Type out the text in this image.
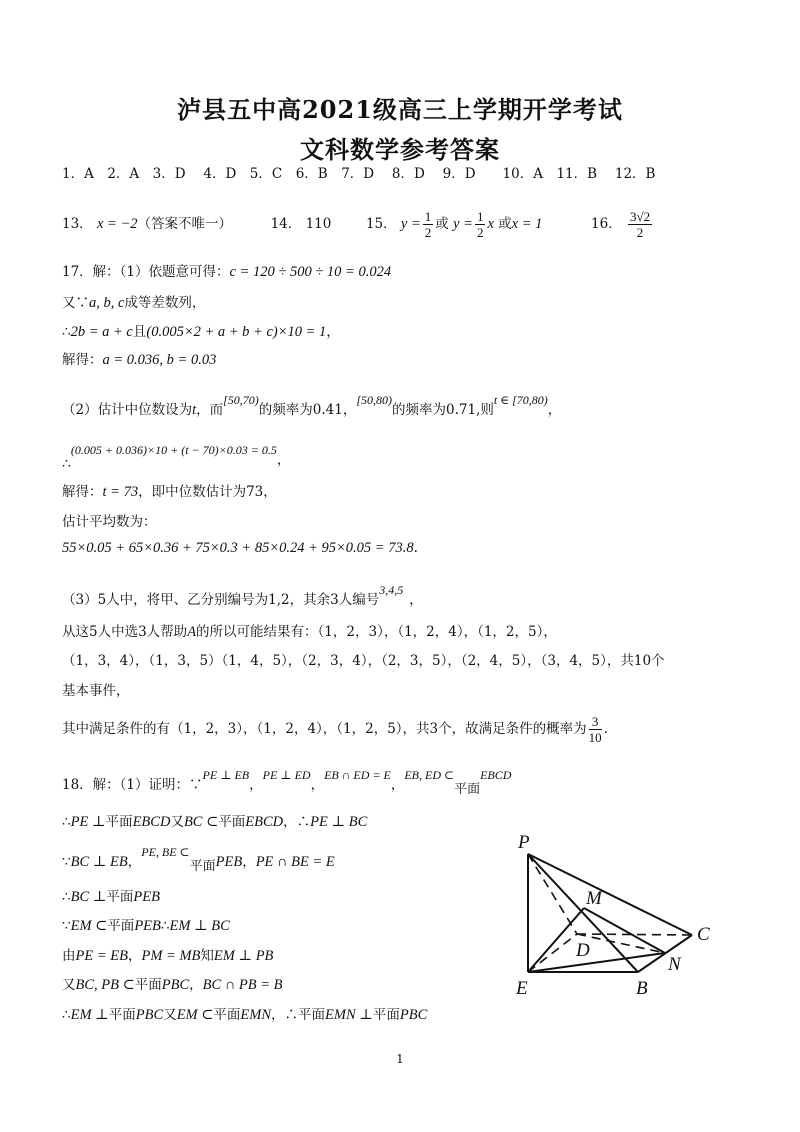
泸县五中高2021级高三上学期开学考试
文科数学参考答案
1．A　2．A　3．D　 4．D　5．C　6．B　7．D　 8．D　 9．D　　10．A　11．B　 12．B
13． x = −2（答案不唯一）	14． 110	15． $y = \frac{1}{2}$ 或 $y = \frac{1}{2}$ x 或x = 1	16． $\frac{3√2}{2}$
17．解：（1）依题意可得：c = 120 ÷ 500 ÷ 10 = 0.024
又∵a, b, c成等差数列，
∴2b = a + c且(0.005×2 + a + b + c)×10 = 1，
解得：a = 0.036, b = 0.03
（2）估计中位数设为t，而[50,70)的频率为0.41，[50,80)的频率为0.71,则t ∈ [70,80)，
∴(0.005 + 0.036)×10 + (t − 70)×0.03 = 0.5，
解得：t = 73，即中位数估计为73，
估计平均数为：
55×0.05 + 65×0.36 + 75×0.3 + 85×0.24 + 95×0.05 = 73.8.
（3）5人中，将甲、乙分别编号为1,2，其余3人编号3,4,5，
从这5人中选3人帮助A的所以可能结果有：（1，2，3），（1，2，4），（1，2，5），
（1，3，4），（1，3，5）（1，4，5），（2，3，4），（2，3，5），（2，4，5），（3，4，5），共10个
基本事件，
其中满足条件的有（1，2，3），（1，2，4），（1，2，5），共3个，故满足条件的概率为 $\frac{3}{10}$ .
18．解：（1）证明：∵PE ⊥ EB，PE ⊥ ED，EB ∩ ED = E，EB, ED ⊂平面EBCD
∴PE ⊥平面EBCD又BC ⊂平面EBCD，∴PE ⊥ BC
∵BC ⊥ EB，PE, BE ⊂平面PEB，PE ∩ BE = E
∴BC ⊥平面PEB
∵EM ⊂平面PEB∴EM ⊥ BC
由PE = EB，PM = MB知EM ⊥ PB
又BC, PB ⊂平面PBC，BC ∩ PB = B
∴EM ⊥平面PBC又EM ⊂平面EMN，∴平面EMN ⊥平面PBC
P
M
C
D
N
E	B
1
